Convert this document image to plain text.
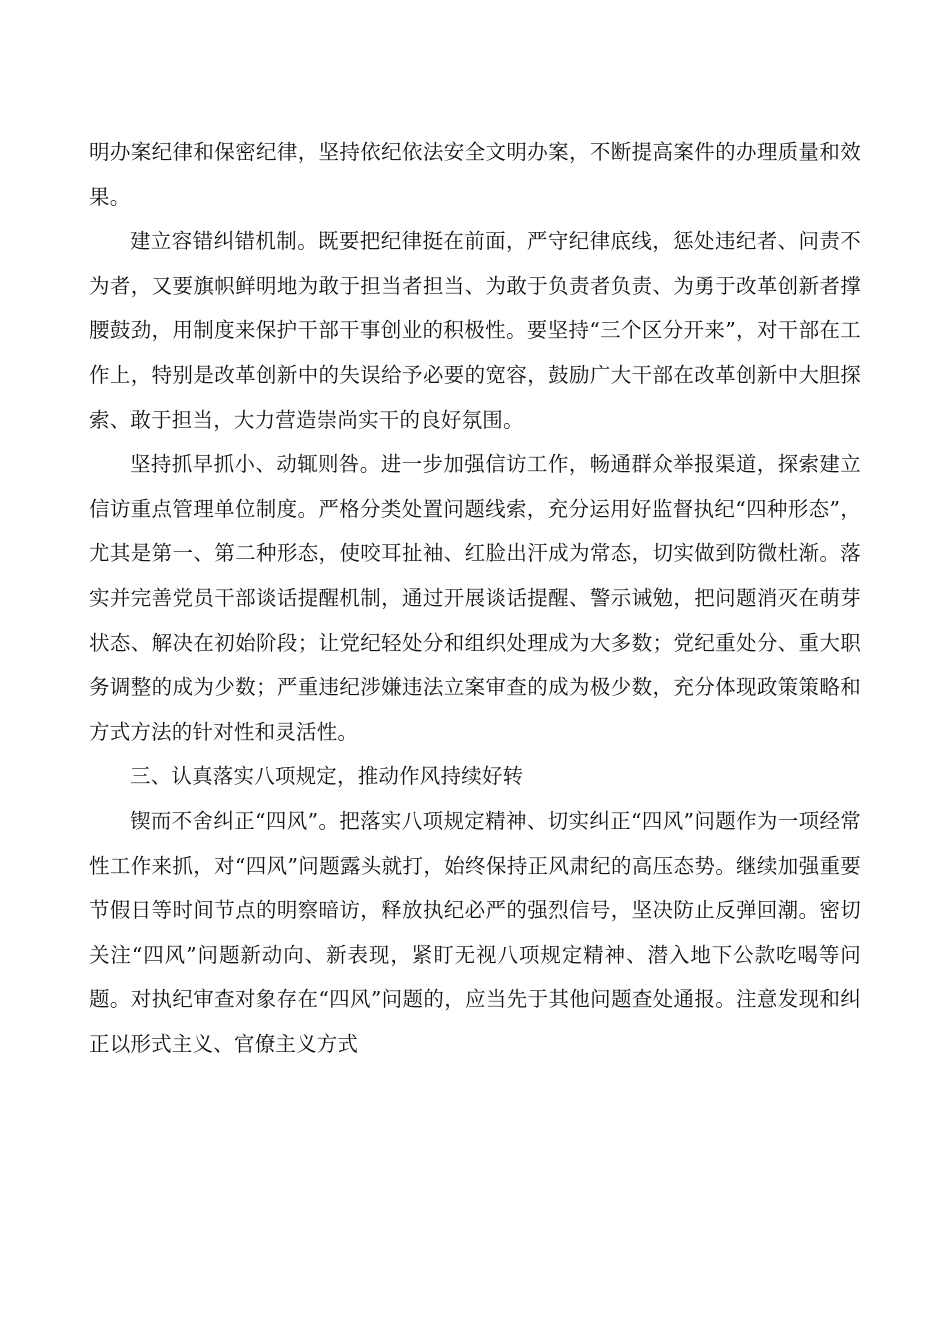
明办案纪律和保密纪律，坚持依纪依法安全文明办案，不断提高案件的办理质量和效果。

建立容错纠错机制。既要把纪律挺在前面，严守纪律底线，惩处违纪者、问责不为者，又要旗帜鲜明地为敢于担当者担当、为敢于负责者负责、为勇于改革创新者撑腰鼓劲，用制度来保护干部干事创业的积极性。要坚持“三个区分开来”，对干部在工作上，特别是改革创新中的失误给予必要的宽容，鼓励广大干部在改革创新中大胆探索、敢于担当，大力营造崇尚实干的良好氛围。

坚持抓早抓小、动辄则咎。进一步加强信访工作，畅通群众举报渠道，探索建立信访重点管理单位制度。严格分类处置问题线索，充分运用好监督执纪“四种形态”，尤其是第一、第二种形态，使咬耳扯袖、红脸出汗成为常态，切实做到防微杜渐。落实并完善党员干部谈话提醒机制，通过开展谈话提醒、警示诫勉，把问题消灭在萌芽状态、解决在初始阶段；让党纪轻处分和组织处理成为大多数；党纪重处分、重大职务调整的成为少数；严重违纪涉嫌违法立案审查的成为极少数，充分体现政策策略和方式方法的针对性和灵活性。

三、认真落实八项规定，推动作风持续好转

锲而不舍纠正“四风”。把落实八项规定精神、切实纠正“四风”问题作为一项经常性工作来抓，对“四风”问题露头就打，始终保持正风肃纪的高压态势。继续加强重要节假日等时间节点的明察暗访，释放执纪必严的强烈信号，坚决防止反弹回潮。密切关注“四风”问题新动向、新表现，紧盯无视八项规定精神、潜入地下公款吃喝等问题。对执纪审查对象存在“四风”问题的，应当先于其他问题查处通报。注意发现和纠正以形式主义、官僚主义方式
